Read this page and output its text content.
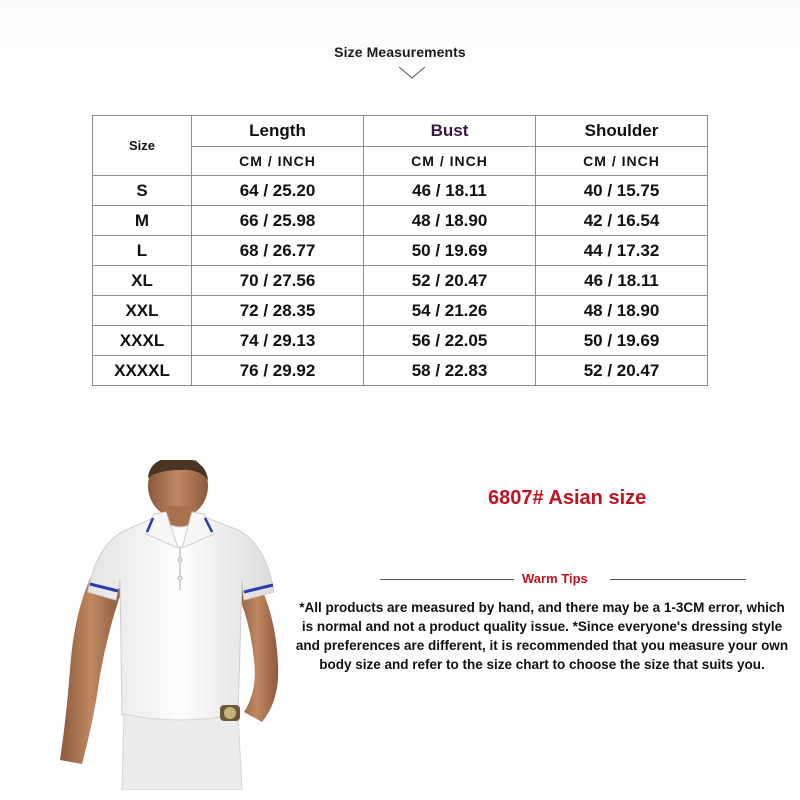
Size Measurements
Size	Length	Bust	Shoulder
	CM / INCH	CM / INCH	CM / INCH
S	64 / 25.20	46 / 18.11	40 / 15.75
M	66 / 25.98	48 / 18.90	42 / 16.54
L	68 / 26.77	50 / 19.69	44 / 17.32
XL	70 / 27.56	52 / 20.47	46 / 18.11
XXL	72 / 28.35	54 / 21.26	48 / 18.90
XXXL	74 / 29.13	56 / 22.05	50 / 19.69
XXXXL	76 / 29.92	58 / 22.83	52 / 20.47
6807# Asian size
Warm Tips
*All products are measured by hand, and there may be a 1-3CM error, which is normal and not a product quality issue. *Since everyone's dressing style and preferences are different, it is recommended that you measure your own body size and refer to the size chart to choose the size that suits you.
